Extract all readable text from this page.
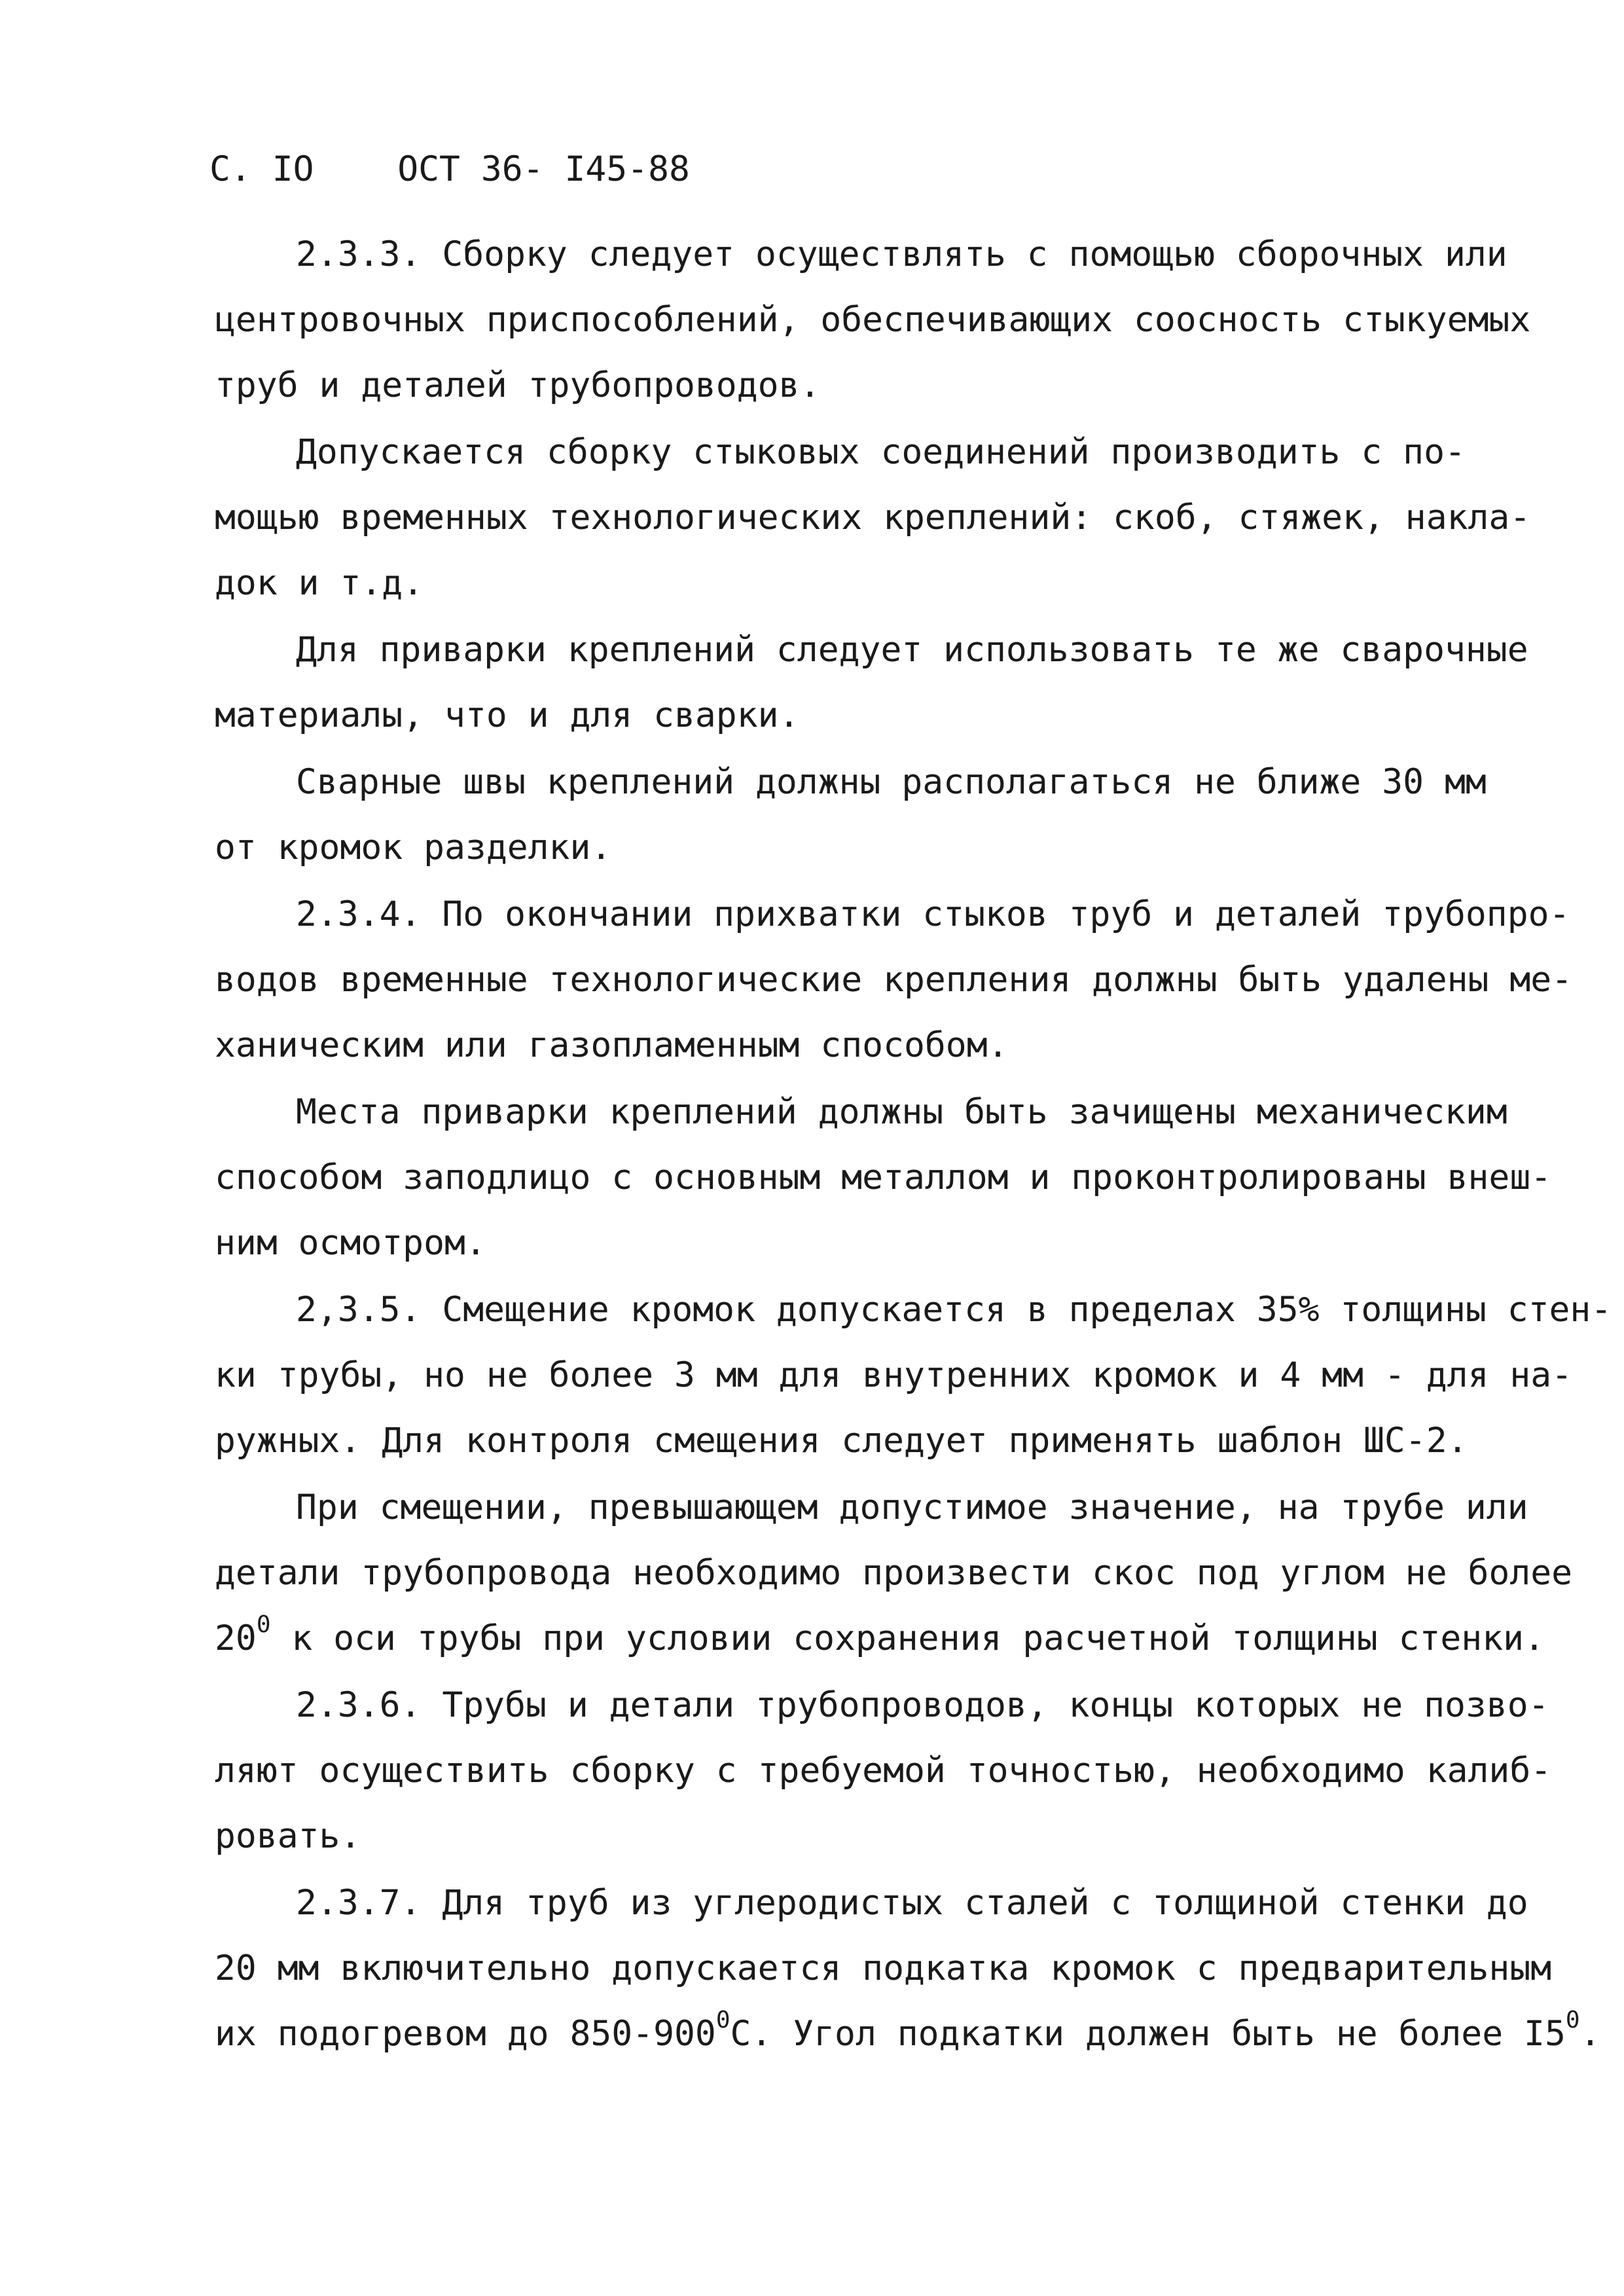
С. IO ОСТ 36- I45-88
2.3.3. Сборку следует осуществлять с помощью сборочных или
центровочных приспособлений, обеспечивающих соосность стыкуемых
труб и деталей трубопроводов.
Допускается сборку стыковых соединений производить с по-
мощью временных технологических креплений: скоб, стяжек, накла-
док и т.д.
Для приварки креплений следует использовать те же сварочные
материалы, что и для сварки.
Сварные швы креплений должны располагаться не ближе 30 мм
от кромок разделки.
2.3.4. По окончании прихватки стыков труб и деталей трубопро-
водов временные технологические крепления должны быть удалены ме-
ханическим или газопламенным способом.
Места приварки креплений должны быть зачищены механическим
способом заподлицо с основным металлом и проконтролированы внеш-
ним осмотром.
2,3.5. Смещение кромок допускается в пределах 35% толщины стен-
ки трубы, но не более 3 мм для внутренних кромок и 4 мм - для на-
ружных. Для контроля смещения следует применять шаблон ШС-2.
При смещении, превышающем допустимое значение, на трубе или
детали трубопровода необходимо произвести скос под углом не более
$20^0$ к оси трубы при условии сохранения расчетной толщины стенки.
2.3.6. Трубы и детали трубопроводов, концы которых не позво-
ляют осуществить сборку с требуемой точностью, необходимо калиб-
ровать.
2.3.7. Для труб из углеродистых сталей с толщиной стенки до
20 мм включительно допускается подкатка кромок с предварительным
их подогревом до $850-900^0С$. Угол подкатки должен быть не более $I5^0$.
